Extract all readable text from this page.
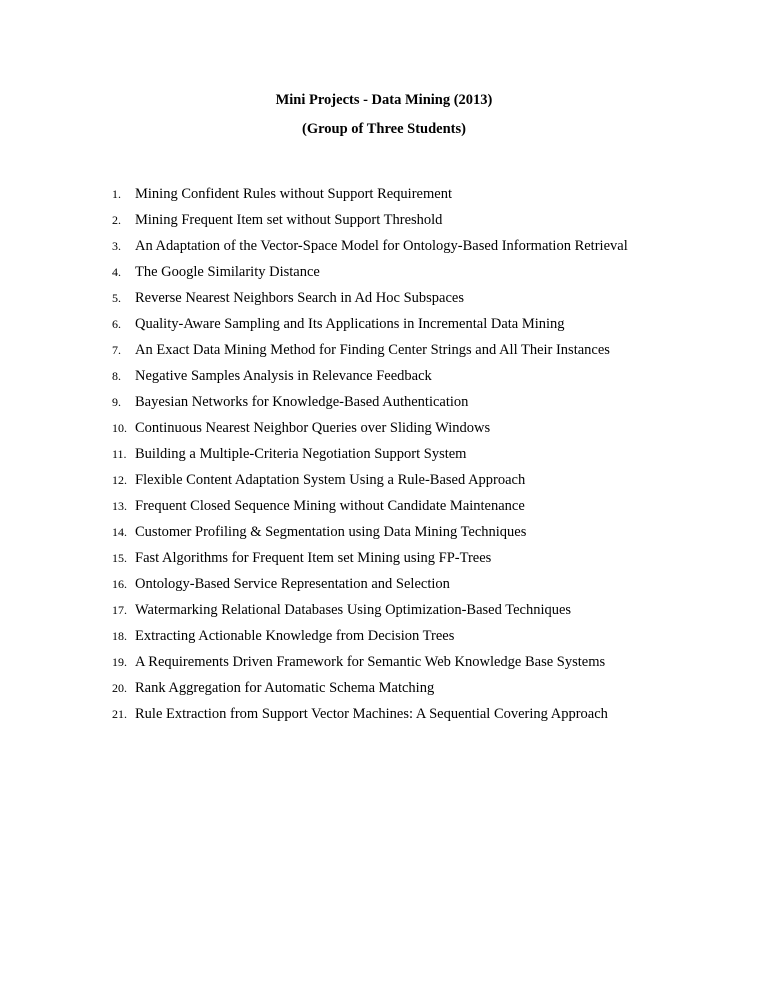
Mini Projects - Data Mining (2013)
(Group of Three Students)
1. Mining Confident Rules without Support Requirement
2. Mining Frequent Item set without Support Threshold
3. An Adaptation of the Vector-Space Model for Ontology-Based Information Retrieval
4. The Google Similarity Distance
5. Reverse Nearest Neighbors Search in Ad Hoc Subspaces
6. Quality-Aware Sampling and Its Applications in Incremental Data Mining
7. An Exact Data Mining Method for Finding Center Strings and All Their Instances
8. Negative Samples Analysis in Relevance Feedback
9. Bayesian Networks for Knowledge-Based Authentication
10. Continuous Nearest Neighbor Queries over Sliding Windows
11. Building a Multiple-Criteria Negotiation Support System
12. Flexible Content Adaptation System Using a Rule-Based Approach
13. Frequent Closed Sequence Mining without Candidate Maintenance
14. Customer Profiling & Segmentation using Data Mining Techniques
15. Fast Algorithms for Frequent Item set Mining using FP-Trees
16. Ontology-Based Service Representation and Selection
17. Watermarking Relational Databases Using Optimization-Based Techniques
18. Extracting Actionable Knowledge from Decision Trees
19. A Requirements Driven Framework for Semantic Web Knowledge Base Systems
20. Rank Aggregation for Automatic Schema Matching
21. Rule Extraction from Support Vector Machines: A Sequential Covering Approach
